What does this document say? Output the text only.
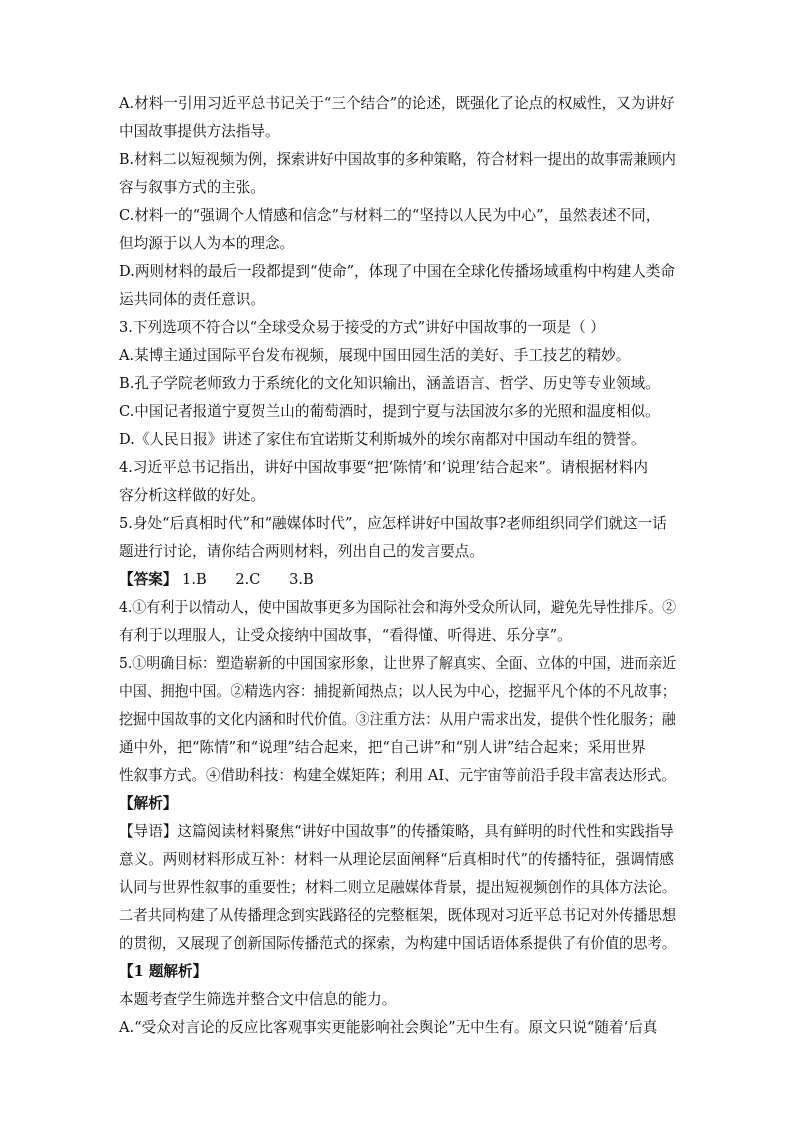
A.材料一引用习近平总书记关于“三个结合”的论述，既强化了论点的权威性，又为讲好
中国故事提供方法指导。
B.材料二以短视频为例，探索讲好中国故事的多种策略，符合材料一提出的故事需兼顾内
容与叙事方式的主张。
C.材料一的“强调个人情感和信念”与材料二的“坚持以人民为中心”，虽然表述不同，
但均源于以人为本的理念。
D.两则材料的最后一段都提到“使命”，体现了中国在全球化传播场域重构中构建人类命
运共同体的责任意识。
3.下列选项不符合以“全球受众易于接受的方式”讲好中国故事的一项是（ ）
A.某博主通过国际平台发布视频，展现中国田园生活的美好、手工技艺的精妙。
B.孔子学院老师致力于系统化的文化知识输出，涵盖语言、哲学、历史等专业领域。
C.中国记者报道宁夏贺兰山的葡萄酒时，提到宁夏与法国波尔多的光照和温度相似。
D.《人民日报》讲述了家住布宜诺斯艾利斯城外的埃尔南都对中国动车组的赞誉。
4.习近平总书记指出，讲好中国故事要“把‘陈情’和‘说理’结合起来”。请根据材料内
容分析这样做的好处。
5.身处“后真相时代”和“融媒体时代”，应怎样讲好中国故事?老师组织同学们就这一话
题进行讨论，请你结合两则材料，列出自己的发言要点。
【答案】 1.B 2.C 3.B
4.①有利于以情动人，使中国故事更多为国际社会和海外受众所认同，避免先导性排斥。②
有利于以理服人，让受众接纳中国故事，“看得懂、听得进、乐分享”。
5.①明确目标：塑造崭新的中国国家形象，让世界了解真实、全面、立体的中国，进而亲近
中国、拥抱中国。②精选内容：捕捉新闻热点；以人民为中心，挖掘平凡个体的不凡故事；
挖掘中国故事的文化内涵和时代价值。③注重方法：从用户需求出发，提供个性化服务；融
通中外，把“陈情”和“说理”结合起来，把“自己讲”和“别人讲”结合起来；采用世界
性叙事方式。④借助科技：构建全媒矩阵；利用 AI、元宇宙等前沿手段丰富表达形式。
【解析】
【导语】这篇阅读材料聚焦“讲好中国故事”的传播策略，具有鲜明的时代性和实践指导
意义。两则材料形成互补：材料一从理论层面阐释“后真相时代”的传播特征，强调情感
认同与世界性叙事的重要性；材料二则立足融媒体背景，提出短视频创作的具体方法论。
二者共同构建了从传播理念到实践路径的完整框架，既体现对习近平总书记对外传播思想
的贯彻，又展现了创新国际传播范式的探索，为构建中国话语体系提供了有价值的思考。
【1 题解析】
本题考查学生筛选并整合文中信息的能力。
A.“受众对言论的反应比客观事实更能影响社会舆论”无中生有。原文只说“随着‘后真
